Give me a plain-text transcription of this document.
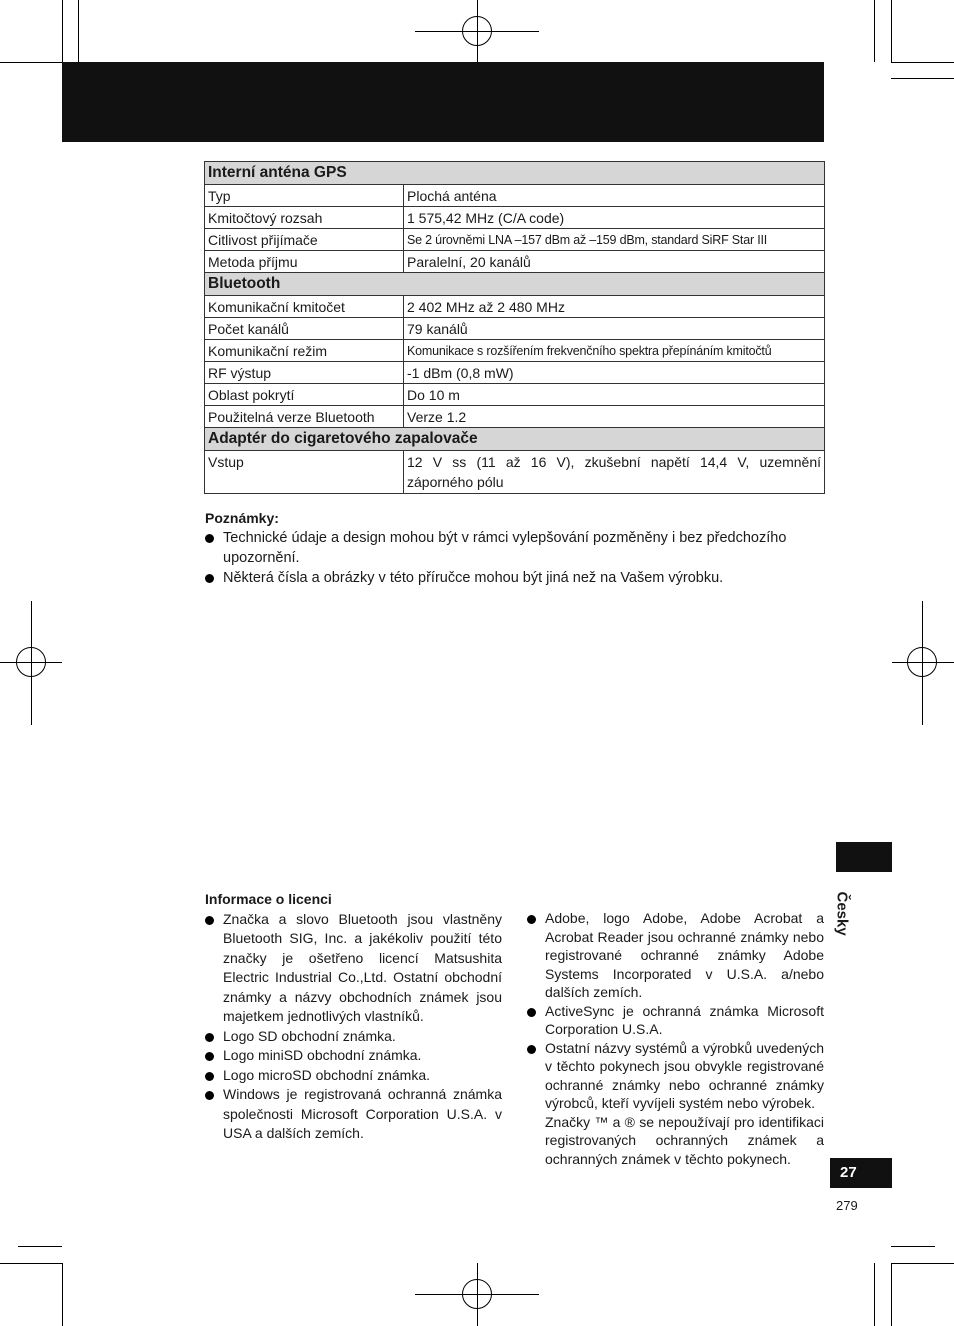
Interní anténa GPS	
Typ	Plochá anténa
Kmitočtový rozsah	1 575,42 MHz (C/A code)
Citlivost přijímače	Se 2 úrovněmi LNA –157 dBm až –159 dBm, standard SiRF Star III
Metoda příjmu	Paralelní, 20 kanálů
Bluetooth	
Komunikační kmitočet	2 402 MHz až 2 480 MHz
Počet kanálů	79 kanálů
Komunikační režim	Komunikace s rozšířením frekvenčního spektra přepínáním kmitočtů
RF výstup	-1 dBm (0,8 mW)
Oblast pokrytí	Do 10 m
Použitelná verze Bluetooth	Verze 1.2
Adaptér do cigaretového zapalovače	
Vstup	12 V ss (11 až 16 V), zkušební napětí 14,4 V, uzemnění záporného pólu
Poznámky:
Technické údaje a design mohou být v rámci vylepšování pozměněny i bez předchozího upozornění.
Některá čísla a obrázky v této příručce mohou být jiná než na Vašem výrobku.
Informace o licenci
Značka a slovo Bluetooth jsou vlastněny Bluetooth SIG, Inc. a jakékoliv použití této značky je ošetřeno licencí Matsushita Electric Industrial Co.,Ltd. Ostatní obchodní známky a názvy obchodních známek jsou majetkem jednotlivých vlastníků.
Logo SD obchodní známka.
Logo miniSD obchodní známka.
Logo microSD obchodní známka.
Windows je registrovaná ochranná známka společnosti Microsoft Corporation U.S.A. v USA a dalších zemích.
Adobe, logo Adobe, Adobe Acrobat a Acrobat Reader jsou ochranné známky nebo registrované ochranné známky Adobe Systems Incorporated v U.S.A. a/nebo dalších zemích.
ActiveSync je ochranná známka Microsoft Corporation U.S.A.
Ostatní názvy systémů a výrobků uvedených v těchto pokynech jsou obvykle registrované ochranné známky nebo ochranné známky výrobců, kteří vyvíjeli systém nebo výrobek.
Značky ™ a ® se nepoužívají pro identifikaci registrovaných ochranných známek a ochranných známek v těchto pokynech.
Česky
27
279
